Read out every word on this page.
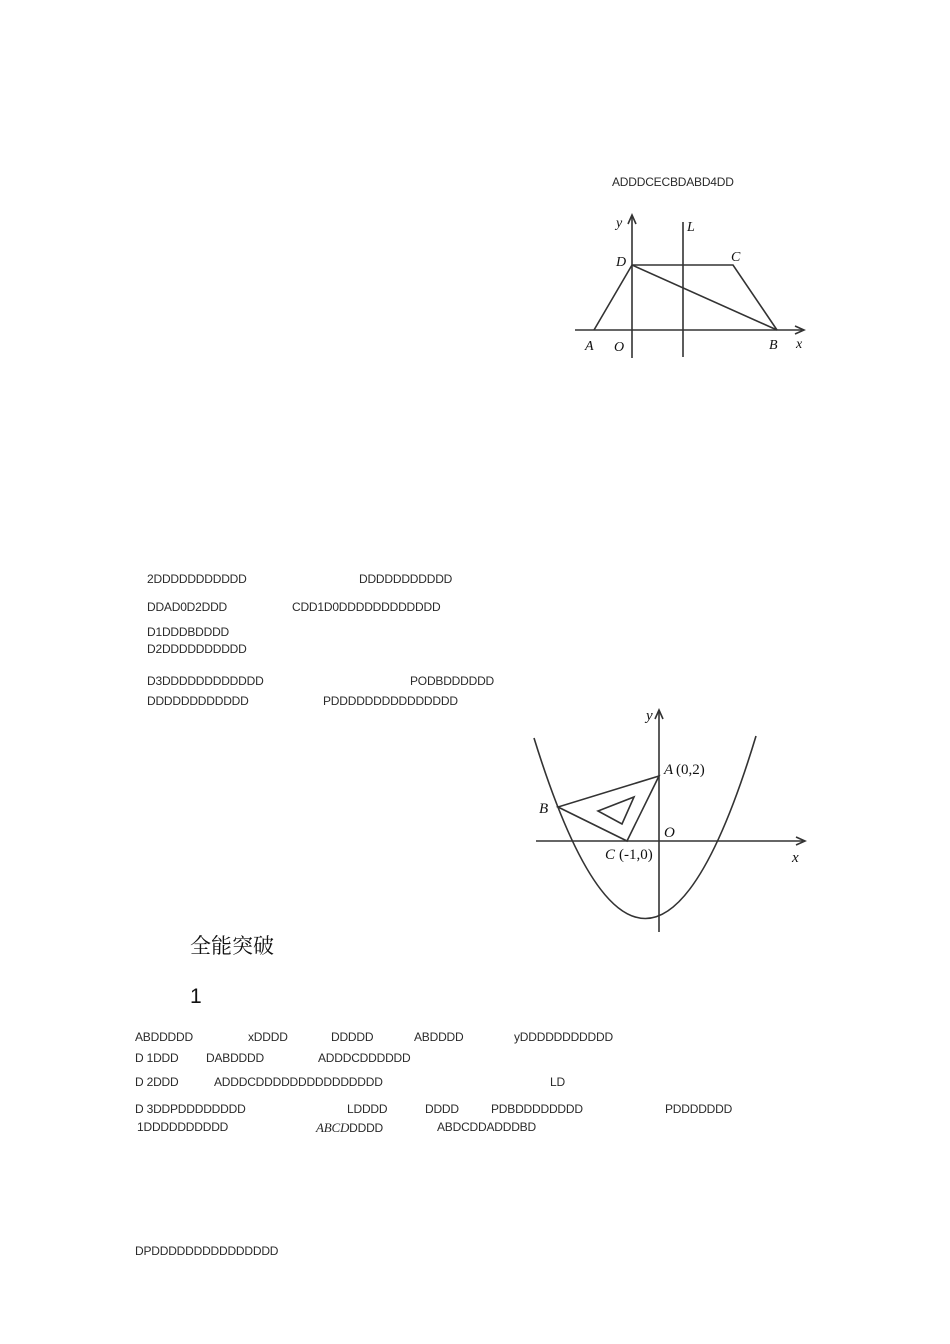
ADDDCECBDABD4DD
y	L
D	C
A O	B x
2DDDDDDDDDDD	DDDDDDDDDDD
DDAD0D2DDD	CDD1D0DDDDDDDDDDDD
D1DDDBDDDD
D2DDDDDDDDDD
D3DDDDDDDDDDDD	PODBDDDDDD
DDDDDDDDDDDD	PDDDDDDDDDDDDDDD
y
A (0,2)
B
O
C (-1,0)	x
全能突破
1
ABDDDDD	xDDDD	DDDDD	ABDDDD	yDDDDDDDDDDD
D 1DDD DABDDDD	ADDDCDDDDDD
D 2DDD	ADDDCDDDDDDDDDDDDDDD	LD
D 3DDPDDDDDDDD	LDDDD	DDDD	PDBDDDDDDDD	PDDDDDDD
1DDDDDDDDDD	ABCDDDDD	ABDCDDADDDBD
DPDDDDDDDDDDDDDDD
